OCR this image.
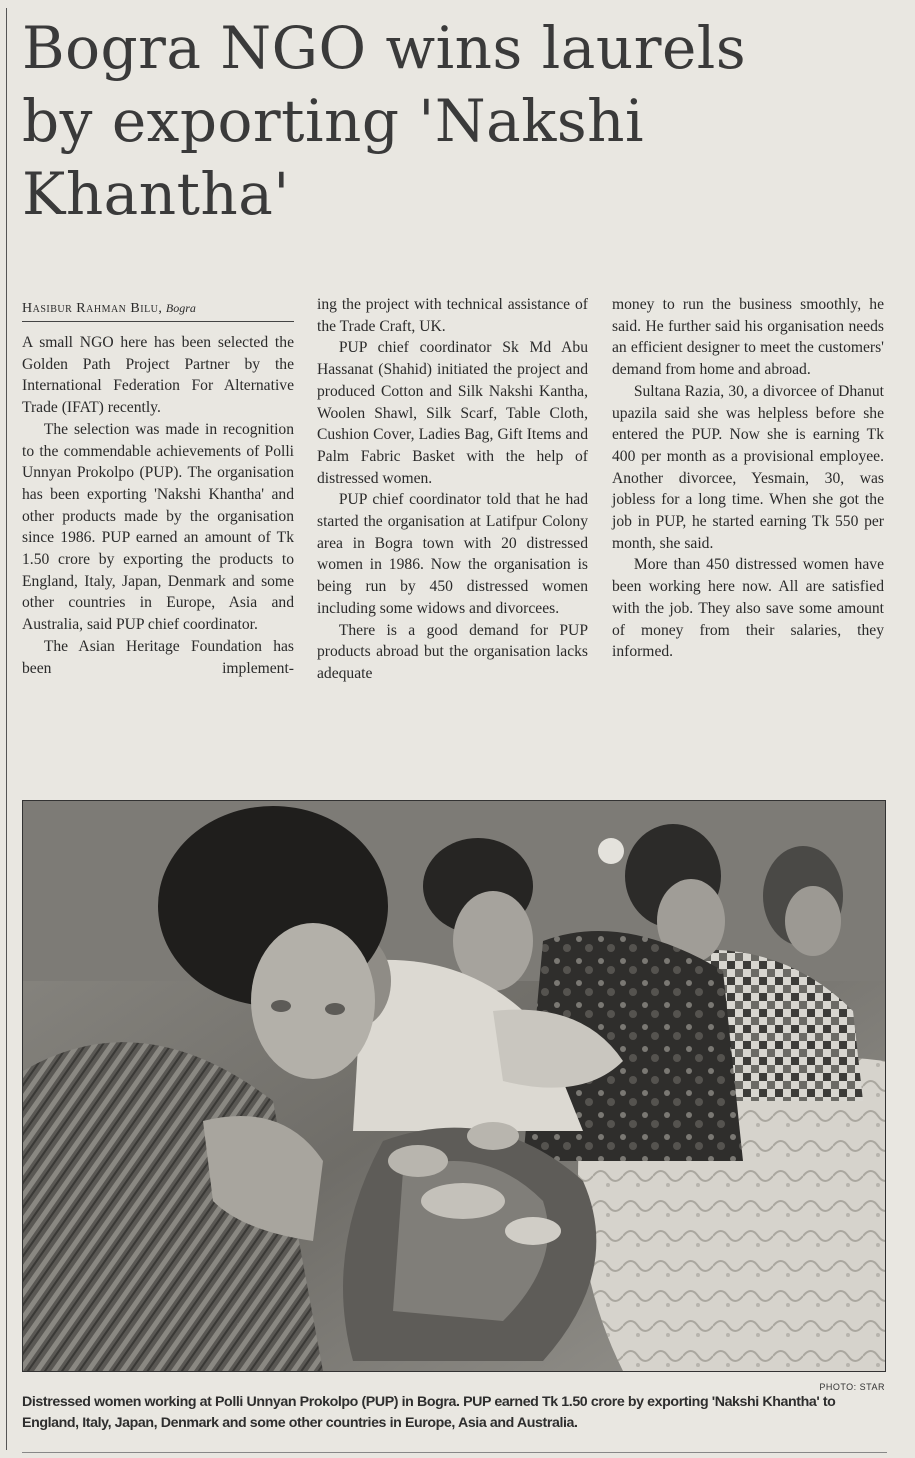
Bogra NGO wins laurels
by exporting 'Nakshi
Khantha'
Hasibur Rahman Bilu, Bogra

A small NGO here has been selected the Golden Path Project Partner by the International Federation For Alternative Trade (IFAT) recently.

The selection was made in recognition to the commendable achievements of Polli Unnyan Prokolpo (PUP). The organisation has been exporting 'Nakshi Khantha' and other products made by the organisation since 1986. PUP earned an amount of Tk 1.50 crore by exporting the products to England, Italy, Japan, Denmark and some other countries in Europe, Asia and Australia, said PUP chief coordinator.

The Asian Heritage Foundation has been implement-

ing the project with technical assistance of the Trade Craft, UK.

PUP chief coordinator Sk Md Abu Hassanat (Shahid) initiated the project and produced Cotton and Silk Nakshi Kantha, Woolen Shawl, Silk Scarf, Table Cloth, Cushion Cover, Ladies Bag, Gift Items and Palm Fabric Basket with the help of distressed women.

PUP chief coordinator told that he had started the organisation at Latifpur Colony area in Bogra town with 20 distressed women in 1986. Now the organisation is being run by 450 distressed women including some widows and divorcees.

There is a good demand for PUP products abroad but the organisation lacks adequate

money to run the business smoothly, he said. He further said his organisation needs an efficient designer to meet the customers' demand from home and abroad.

Sultana Razia, 30, a divorcee of Dhanut upazila said she was helpless before she entered the PUP. Now she is earning Tk 400 per month as a provisional employee. Another divorcee, Yesmain, 30, was jobless for a long time. When she got the job in PUP, he started earning Tk 550 per month, she said.

More than 450 distressed women have been working here now. All are satisfied with the job. They also save some amount of money from their salaries, they informed.

PHOTO: STAR
Distressed women working at Polli Unnyan Prokolpo (PUP) in Bogra. PUP earned Tk 1.50 crore by exporting 'Nakshi Khantha' to England, Italy, Japan, Denmark and some other countries in Europe, Asia and Australia.
